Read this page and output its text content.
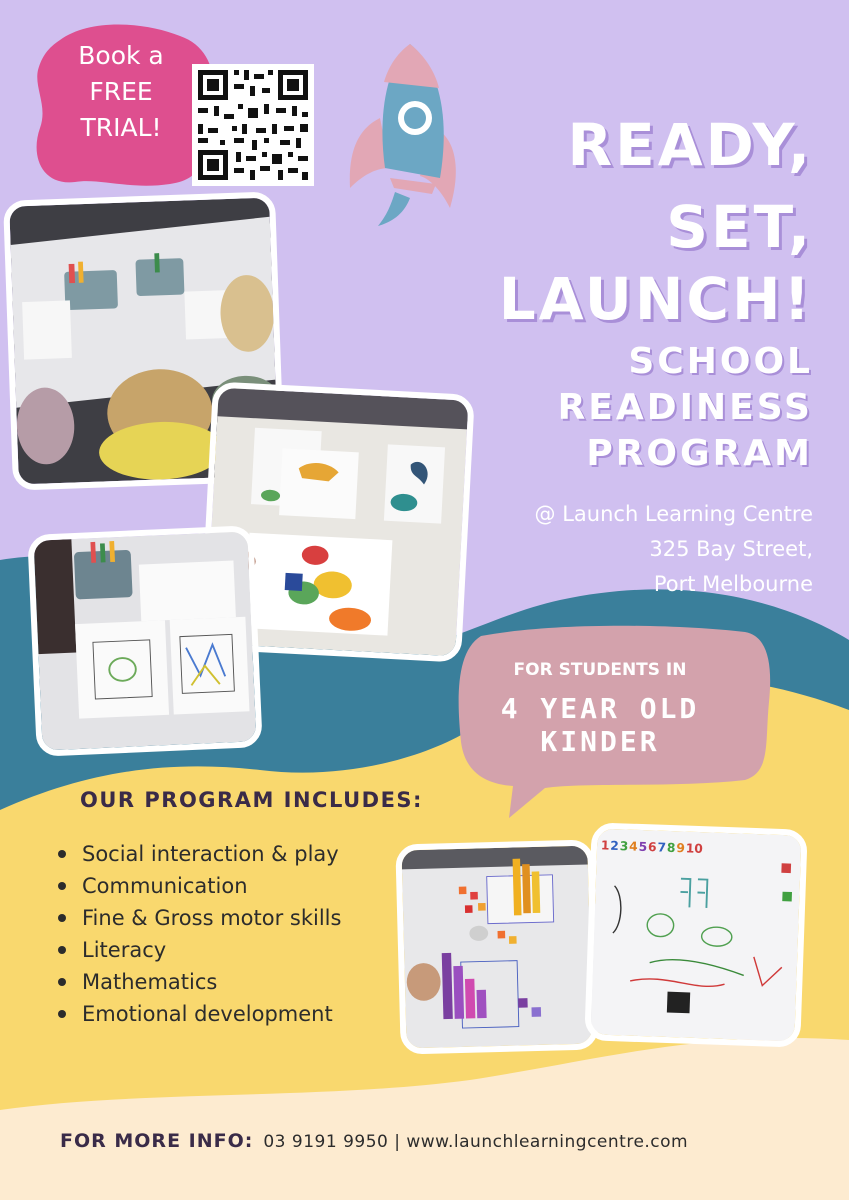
Book a
FREE
TRIAL!	READY,
SET,
LAUNCH!
SCHOOL
READINESS
PROGRAM
@ Launch Learning Centre
325 Bay Street,
Port Melbourne
FOR STUDENTS IN
4 YEAR OLD
KINDER
OUR PROGRAM INCLUDES:
Social interaction & play
Communication
Fine & Gross motor skills
Literacy
Mathematics
Emotional development
1 2 3 4 5 6 7 8 9 10
FOR MORE INFO: 03 9191 9950 | www.launchlearningcentre.com
